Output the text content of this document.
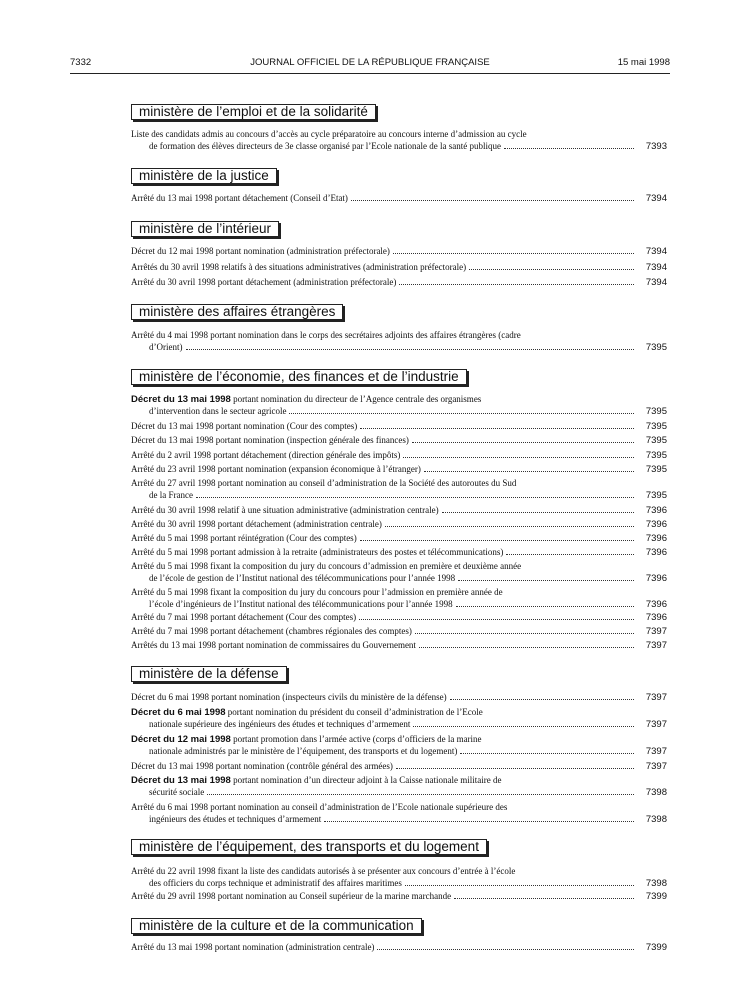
7332	JOURNAL OFFICIEL DE LA RÉPUBLIQUE FRANÇAISE	15 mai 1998
ministère de l’emploi et de la solidarité
Liste des candidats admis au concours d’accès au cycle préparatoire au concours interne d’admission au cycle
de formation des élèves directeurs de 3e classe organisé par l’Ecole nationale de la santé publique	7393
ministère de la justice
Arrêté du 13 mai 1998 portant détachement (Conseil d’Etat)	7394
ministère de l’intérieur
Décret du 12 mai 1998 portant nomination (administration préfectorale)	7394
Arrêtés du 30 avril 1998 relatifs à des situations administratives (administration préfectorale)	7394
Arrêté du 30 avril 1998 portant détachement (administration préfectorale)	7394
ministère des affaires étrangères
Arrêté du 4 mai 1998 portant nomination dans le corps des secrétaires adjoints des affaires étrangères (cadre
d’Orient)	7395
ministère de l’économie, des finances et de l’industrie
Décret du 13 mai 1998 portant nomination du directeur de l’Agence centrale des organismes
d’intervention dans le secteur agricole	7395
Décret du 13 mai 1998 portant nomination (Cour des comptes)	7395
Décret du 13 mai 1998 portant nomination (inspection générale des finances)	7395
Arrêté du 2 avril 1998 portant détachement (direction générale des impôts)	7395
Arrêté du 23 avril 1998 portant nomination (expansion économique à l’étranger)	7395
Arrêté du 27 avril 1998 portant nomination au conseil d’administration de la Société des autoroutes du Sud
de la France	7395
Arrêté du 30 avril 1998 relatif à une situation administrative (administration centrale)	7396
Arrêté du 30 avril 1998 portant détachement (administration centrale)	7396
Arrêté du 5 mai 1998 portant réintégration (Cour des comptes)	7396
Arrêté du 5 mai 1998 portant admission à la retraite (administrateurs des postes et télécommunications)	7396
Arrêté du 5 mai 1998 fixant la composition du jury du concours d’admission en première et deuxième année
de l’école de gestion de l’Institut national des télécommunications pour l’année 1998	7396
Arrêté du 5 mai 1998 fixant la composition du jury du concours pour l’admission en première année de
l’école d’ingénieurs de l’Institut national des télécommunications pour l’année 1998	7396
Arrêté du 7 mai 1998 portant détachement (Cour des comptes)	7396
Arrêté du 7 mai 1998 portant détachement (chambres régionales des comptes)	7397
Arrêtés du 13 mai 1998 portant nomination de commissaires du Gouvernement	7397
ministère de la défense
Décret du 6 mai 1998 portant nomination (inspecteurs civils du ministère de la défense)	7397
Décret du 6 mai 1998 portant nomination du président du conseil d’administration de l’Ecole
nationale supérieure des ingénieurs des études et techniques d’armement	7397
Décret du 12 mai 1998 portant promotion dans l’armée active (corps d’officiers de la marine
nationale administrés par le ministère de l’équipement, des transports et du logement)	7397
Décret du 13 mai 1998 portant nomination (contrôle général des armées)	7397
Décret du 13 mai 1998 portant nomination d’un directeur adjoint à la Caisse nationale militaire de
sécurité sociale	7398
Arrêté du 6 mai 1998 portant nomination au conseil d’administration de l’Ecole nationale supérieure des
ingénieurs des études et techniques d’armement	7398
ministère de l’équipement, des transports et du logement
Arrêté du 22 avril 1998 fixant la liste des candidats autorisés à se présenter aux concours d’entrée à l’école
des officiers du corps technique et administratif des affaires maritimes	7398
Arrêté du 29 avril 1998 portant nomination au Conseil supérieur de la marine marchande	7399
ministère de la culture et de la communication
Arrêté du 13 mai 1998 portant nomination (administration centrale)	7399
